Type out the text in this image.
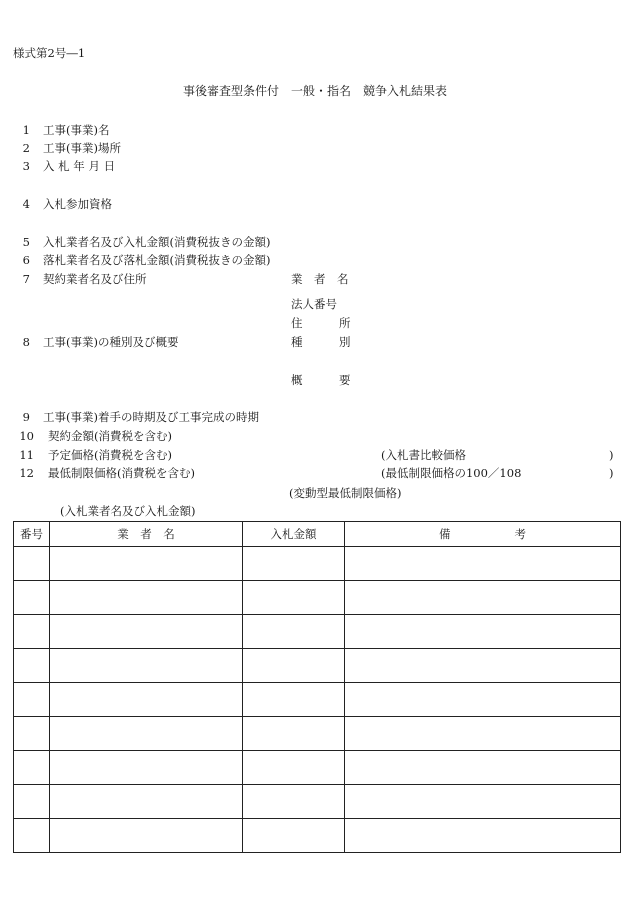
様式第2号―1
事後審査型条件付　一般・指名　競争入札結果表
1 工事(事業)名
2 工事(事業)場所
3 入 札 年 月 日
4 入札参加資格
5 入札業者名及び入札金額(消費税抜きの金額)
6 落札業者名及び落札金額(消費税抜きの金額)
7 契約業者名及び住所
8 工事(事業)の種別及び概要
9 工事(事業)着手の時期及び工事完成の時期
10 契約金額(消費税を含む)
11 予定価格(消費税を含む)
12 最低制限価格(消費税を含む)
業　者　名
法人番号
住	所
種	別
概	要
(入札書比較価格	)
(最低制限価格の100／108	)
(変動型最低制限価格)
(入札業者名及び入札金額)
番号	業　者　名	入札金額	備 考
